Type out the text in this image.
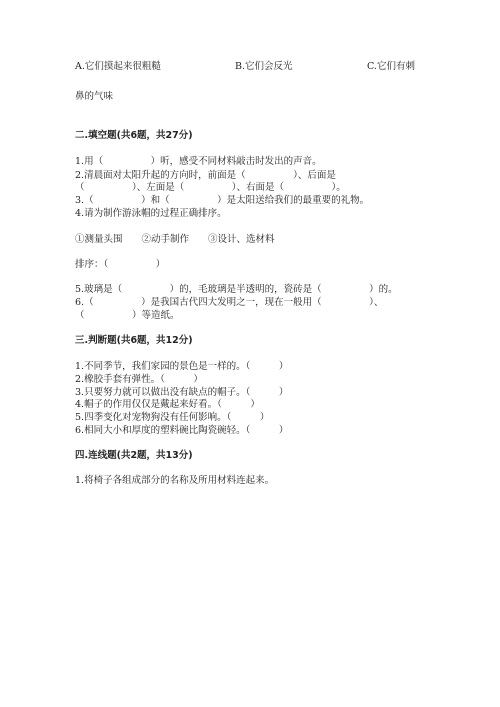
A.它们摸起来很粗糙	B.它们会反光	C.它们有刺
鼻的气味
二.填空题(共6题，共27分)
1.用（　　　　　）听，感受不同材料敲击时发出的声音。
2.清晨面对太阳升起的方向时，前面是（　　　　　）、后面是
（　　　　　）、左面是（　　　　　）、右面是（　　　　　）。
3.（　　　　　）和（　　　　　）是太阳送给我们的最重要的礼物。
4.请为制作游泳帽的过程正确排序。
①测量头围　　②动手制作　　③设计、选材料
排序：（　　　　　）
5.玻璃是（　　　　　）的，毛玻璃是半透明的，瓷砖是（　　　　　）的。
6.（　　　　　）是我国古代四大发明之一，现在一般用（　　　　　）、
（　　　　　）等造纸。
三.判断题(共6题，共12分)
1.不同季节，我们家园的景色是一样的。（　　　）
2.橡胶手套有弹性。（　　　）
3.只要努力就可以做出没有缺点的帽子。（　　　）
4.帽子的作用仅仅是戴起来好看。（　　　）
5.四季变化对宠物狗没有任何影响。（　　　）
6.相同大小和厚度的塑料碗比陶瓷碗轻。（　　　）
四.连线题(共2题，共13分)
1.将椅子各组成部分的名称及所用材料连起来。
